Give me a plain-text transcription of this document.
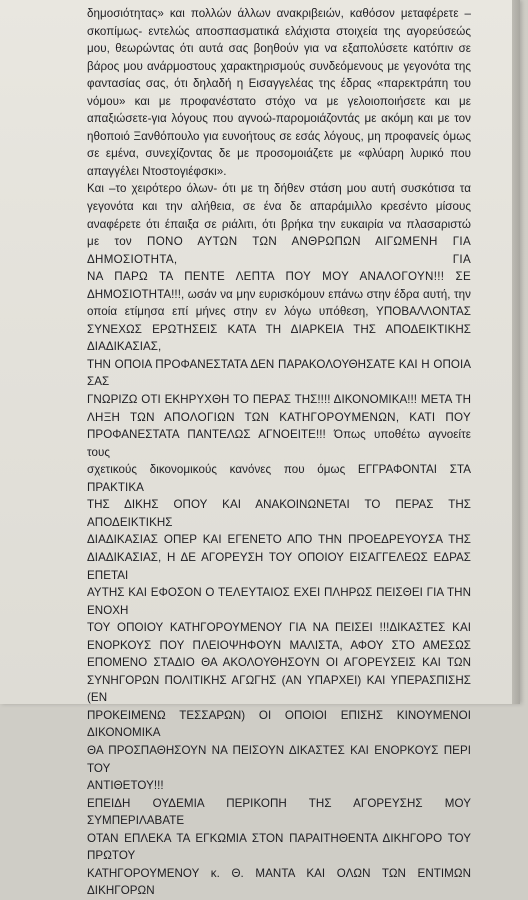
δημοσιότητας» και πολλών άλλων ανακριβειών, καθόσον μεταφέρετε –
σκοπίμως- εντελώς αποσπασματικά ελάχιστα στοιχεία της αγορεύσεώς
μου, θεωρώντας ότι αυτά σας βοηθούν για να εξαπολύσετε κατόπιν σε
βάρος μου ανάρμοστους χαρακτηρισμούς συνδεόμενους με γεγονότα της
φαντασίας σας, ότι δηλαδή η Εισαγγελέας της έδρας «παρεκτράπη του
νόμου» και με προφανέστατο στόχο να με γελοιοποιήσετε και με
απαξιώσετε-για λόγους που αγνοώ-παρομοιάζοντάς με ακόμη και με τον
ηθοποιό Ξανθόπουλο για ευνοήτους σε εσάς λόγους, μη προφανείς όμως
σε εμένα, συνεχίζοντας δε με προσομοιάζετε με «φλύαρη λυρικό που
απαγγέλει Ντοστογιέφσκι».

Και –το χειρότερο όλων- ότι με τη δήθεν στάση μου αυτή συσκότισα τα
γεγονότα και την αλήθεια, σε ένα δε απαράμιλλο κρεσέντο μίσους
αναφέρετε ότι έπαιξα σε ριάλιτι, ότι βρήκα την ευκαιρία να πλασαριστώ
με τον ΠΟΝΟ ΑΥΤΩΝ ΤΩΝ ΑΝΘΡΩΠΩΝ ΑΙΓΩΜΕΝΗ ΓΙΑ ΔΗΜΟΣΙΟΤΗΤΑ, ΓΙΑ
ΝΑ ΠΑΡΩ ΤΑ ΠΕΝΤΕ ΛΕΠΤΑ ΠΟΥ ΜΟΥ ΑΝΑΛΟΓΟΥΝ!!! ΣΕ
ΔΗΜΟΣΙΟΤΗΤΑ!!!, ωσάν να μην ευρισκόμουν επάνω στην έδρα αυτή, την
οποία ετίμησα επί μήνες στην εν λόγω υπόθεση, ΥΠΟΒΑΛΛΟΝΤΑΣ
ΣΥΝΕΧΩΣ ΕΡΩΤΗΣΕΙΣ ΚΑΤΑ ΤΗ ΔΙΑΡΚΕΙΑ ΤΗΣ ΑΠΟΔΕΙΚΤΙΚΗΣ ΔΙΑΔΙΚΑΣΙΑΣ,
ΤΗΝ ΟΠΟΙΑ ΠΡΟΦΑΝΕΣΤΑΤΑ ΔΕΝ ΠΑΡΑΚΟΛΟΥΘΗΣΑΤΕ ΚΑΙ Η ΟΠΟΙΑ ΣΑΣ
ΓΝΩΡΙΖΩ ΟΤΙ ΕΚΗΡΥΧΘΗ ΤΟ ΠΕΡΑΣ ΤΗΣ!!!! ΔΙΚΟΝΟΜΙΚΑ!!! ΜΕΤΑ ΤΗ
ΛΗΞΗ ΤΩΝ ΑΠΟΛΟΓΙΩΝ ΤΩΝ ΚΑΤΗΓΟΡΟΥΜΕΝΩΝ, ΚΑΤΙ ΠΟΥ
ΠΡΟΦΑΝΕΣΤΑΤΑ ΠΑΝΤΕΛΩΣ ΑΓΝΟΕΙΤΕ!!! Όπως υποθέτω αγνοείτε τους
σχετικούς δικονομικούς κανόνες που όμως ΕΓΓΡΑΦΟΝΤΑΙ ΣΤΑ ΠΡΑΚΤΙΚΑ
ΤΗΣ ΔΙΚΗΣ ΟΠΟΥ ΚΑΙ ΑΝΑΚΟΙΝΩΝΕΤΑΙ ΤΟ ΠΕΡΑΣ ΤΗΣ ΑΠΟΔΕΙΚΤΙΚΗΣ
ΔΙΑΔΙΚΑΣΙΑΣ ΟΠΕΡ ΚΑΙ ΕΓΕΝΕΤΟ ΑΠΟ ΤΗΝ ΠΡΟΕΔΡΕΥΟΥΣΑ ΤΗΣ
ΔΙΑΔΙΚΑΣΙΑΣ, Η ΔΕ ΑΓΟΡΕΥΣΗ ΤΟΥ ΟΠΟΙΟΥ ΕΙΣΑΓΓΕΛΕΩΣ ΕΔΡΑΣ ΕΠΕΤΑΙ
ΑΥΤΗΣ ΚΑΙ ΕΦΟΣΟΝ Ο ΤΕΛΕΥΤΑΙΟΣ ΕΧΕΙ ΠΛΗΡΩΣ ΠΕΙΣΘΕΙ ΓΙΑ ΤΗΝ ΕΝΟΧΗ
ΤΟΥ ΟΠΟΙΟΥ ΚΑΤΗΓΟΡΟΥΜΕΝΟΥ ΓΙΑ ΝΑ ΠΕΙΣΕΙ !!!ΔΙΚΑΣΤΕΣ ΚΑΙ
ΕΝΟΡΚΟΥΣ ΠΟΥ ΠΛΕΙΟΨΗΦΟΥΝ ΜΑΛΙΣΤΑ, ΑΦΟΥ ΣΤΟ ΑΜΕΣΩΣ
ΕΠΟΜΕΝΟ ΣΤΑΔΙΟ ΘΑ ΑΚΟΛΟΥΘΗΣΟΥΝ ΟΙ ΑΓΟΡΕΥΣΕΙΣ ΚΑΙ ΤΩΝ
ΣΥΝΗΓΟΡΩΝ ΠΟΛΙΤΙΚΗΣ ΑΓΩΓΗΣ (ΑΝ ΥΠΑΡΧΕΙ) ΚΑΙ ΥΠΕΡΑΣΠΙΣΗΣ (ΕΝ
ΠΡΟΚΕΙΜΕΝΩ ΤΕΣΣΑΡΩΝ) ΟΙ ΟΠΟΙΟΙ ΕΠΙΣΗΣ ΚΙΝΟΥΜΕΝΟΙ ΔΙΚΟΝΟΜΙΚΑ
ΘΑ ΠΡΟΣΠΑΘΗΣΟΥΝ ΝΑ ΠΕΙΣΟΥΝ ΔΙΚΑΣΤΕΣ ΚΑΙ ΕΝΟΡΚΟΥΣ ΠΕΡΙ ΤΟΥ
ΑΝΤΙΘΕΤΟΥ!!!

ΕΠΕΙΔΗ ΟΥΔΕΜΙΑ ΠΕΡΙΚΟΠΗ ΤΗΣ ΑΓΟΡΕΥΣΗΣ ΜΟΥ ΣΥΜΠΕΡΙΛΑΒΑΤΕ
ΟΤΑΝ ΕΠΛΕΚΑ ΤΑ ΕΓΚΩΜΙΑ ΣΤΟΝ ΠΑΡΑΙΤΗΘΕΝΤΑ ΔΙΚΗΓΟΡΟ ΤΟΥ ΠΡΩΤΟΥ
ΚΑΤΗΓΟΡΟΥΜΕΝΟΥ κ. Θ. ΜΑΝΤΑ ΚΑΙ ΟΛΩΝ ΤΩΝ ΕΝΤΙΜΩΝ ΔΙΚΗΓΟΡΩΝ
